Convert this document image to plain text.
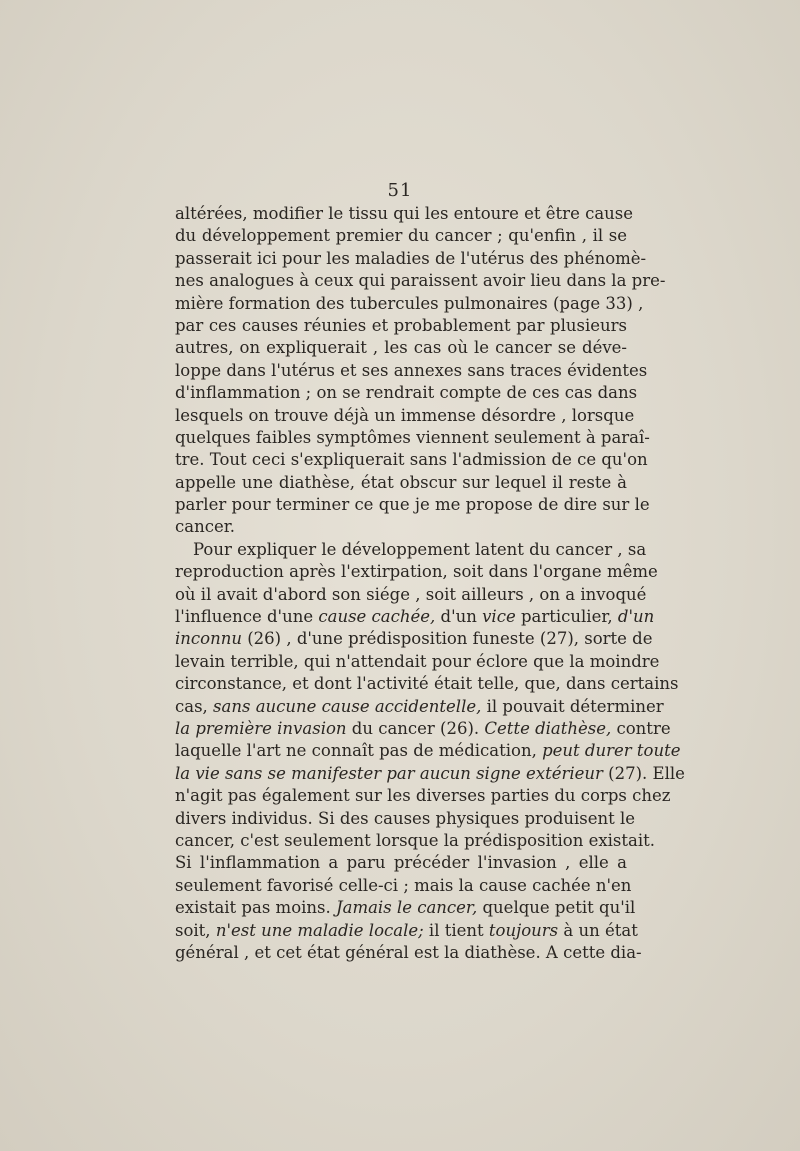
51
altérées, modifier le tissu qui les entoure et être cause
du développement premier du cancer ; qu'enfin , il se
passerait ici pour les maladies de l'utérus des phénomè-
nes analogues à ceux qui paraissent avoir lieu dans la pre-
mière formation des tubercules pulmonaires (page 33) ,
par ces causes réunies et probablement par plusieurs
autres, on expliquerait , les cas où le cancer se déve-
loppe dans l'utérus et ses annexes sans traces évidentes
d'inflammation ; on se rendrait compte de ces cas dans
lesquels on trouve déjà un immense désordre , lorsque
quelques faibles symptômes viennent seulement à paraî-
tre. Tout ceci s'expliquerait sans l'admission de ce qu'on
appelle une diathèse, état obscur sur lequel il reste à
parler pour terminer ce que je me propose de dire sur le
cancer.
Pour expliquer le développement latent du cancer , sa
reproduction après l'extirpation, soit dans l'organe même
où il avait d'abord son siége , soit ailleurs , on a invoqué
l'influence d'une cause cachée, d'un vice particulier, d'un
inconnu (26) , d'une prédisposition funeste (27), sorte de
levain terrible, qui n'attendait pour éclore que la moindre
circonstance, et dont l'activité était telle, que, dans certains
cas, sans aucune cause accidentelle, il pouvait déterminer
la première invasion du cancer (26). Cette diathèse, contre
laquelle l'art ne connaît pas de médication, peut durer toute
la vie sans se manifester par aucun signe extérieur (27). Elle
n'agit pas également sur les diverses parties du corps chez
divers individus. Si des causes physiques produisent le
cancer, c'est seulement lorsque la prédisposition existait.
Si l'inflammation a paru précéder l'invasion , elle a
seulement favorisé celle-ci ; mais la cause cachée n'en
existait pas moins. Jamais le cancer, quelque petit qu'il
soit, n'est une maladie locale; il tient toujours à un état
général , et cet état général est la diathèse. A cette dia-
